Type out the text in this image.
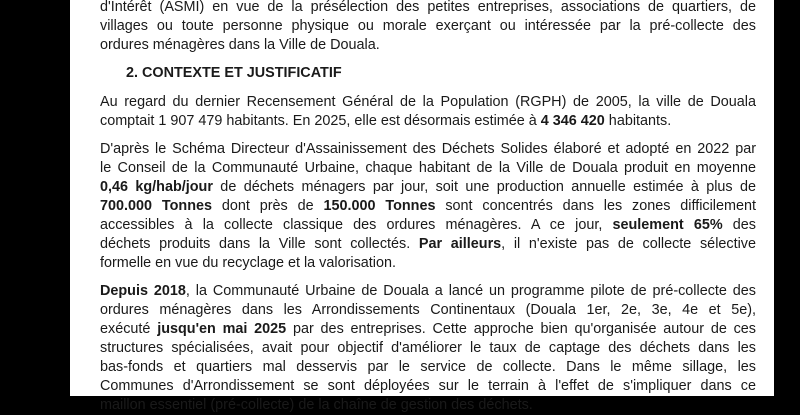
d'Intérêt (ASMI) en vue de la présélection des petites entreprises, associations de quartiers, de
villages ou toute personne physique ou morale exerçant ou intéressée par la pré-collecte des
ordures ménagères dans la Ville de Douala.
2. CONTEXTE ET JUSTIFICATIF
Au regard du dernier Recensement Général de la Population (RGPH) de 2005, la ville de Douala
comptait 1 907 479 habitants. En 2025, elle est désormais estimée à 4 346 420 habitants.
D'après le Schéma Directeur d'Assainissement des Déchets Solides élaboré et adopté en 2022 par
le Conseil de la Communauté Urbaine, chaque habitant de la Ville de Douala produit en moyenne
0,46 kg/hab/jour de déchets ménagers par jour, soit une production annuelle estimée à plus de
700.000 Tonnes dont près de 150.000 Tonnes sont concentrés dans les zones difficilement
accessibles à la collecte classique des ordures ménagères. A ce jour, seulement 65% des
déchets produits dans la Ville sont collectés. Par ailleurs, il n'existe pas de collecte sélective
formelle en vue du recyclage et la valorisation.
Depuis 2018, la Communauté Urbaine de Douala a lancé un programme pilote de pré-collecte des
ordures ménagères dans les Arrondissements Continentaux (Douala 1er, 2e, 3e, 4e et 5e),
exécuté jusqu'en mai 2025 par des entreprises. Cette approche bien qu'organisée autour de ces
structures spécialisées, avait pour objectif d'améliorer le taux de captage des déchets dans les
bas-fonds et quartiers mal desservis par le service de collecte. Dans le même sillage, les
Communes d'Arrondissement se sont déployées sur le terrain à l'effet de s'impliquer dans ce
maillon essentiel (pré-collecte) de la chaîne de gestion des déchets.
